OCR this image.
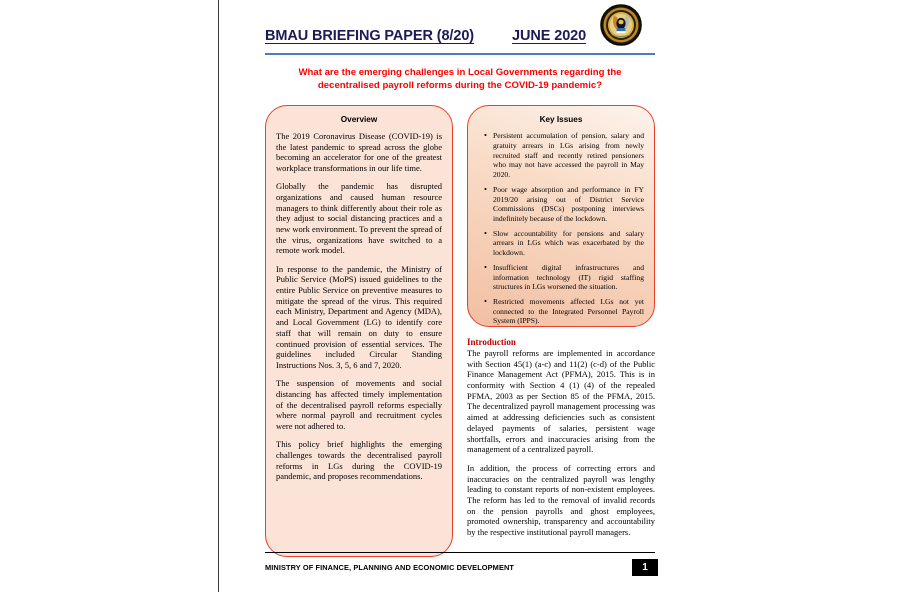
BMAU BRIEFING PAPER (8/20)	JUNE 2020
What are the emerging challenges in Local Governments regarding the decentralised payroll reforms during the COVID-19 pandemic?
Overview

The 2019 Coronavirus Disease (COVID-19) is the latest pandemic to spread across the globe becoming an accelerator for one of the greatest workplace transformations in our life time.

Globally the pandemic has disrupted organizations and caused human resource managers to think differently about their role as they adjust to social distancing practices and a new work environment. To prevent the spread of the virus, organizations have switched to a remote work model.

In response to the pandemic, the Ministry of Public Service (MoPS) issued guidelines to the entire Public Service on preventive measures to mitigate the spread of the virus. This required each Ministry, Department and Agency (MDA), and Local Government (LG) to identify core staff that will remain on duty to ensure continued provision of essential services. The guidelines included Circular Standing Instructions Nos. 3, 5, 6 and 7, 2020.

The suspension of movements and social distancing has affected timely implementation of the decentralised payroll reforms especially where normal payroll and recruitment cycles were not adhered to.

This policy brief highlights the emerging challenges towards the decentralised payroll reforms in LGs during the COVID-19 pandemic, and proposes recommendations.

Key Issues
• Persistent accumulation of pension, salary and gratuity arrears in LGs arising from newly recruited staff and recently retired pensioners who may not have accessed the payroll in May 2020.
• Poor wage absorption and performance in FY 2019/20 arising out of District Service Commissions (DSCs) postponing interviews indefinitely because of the lockdown.
• Slow accountability for pensions and salary arrears in LGs which was exacerbated by the lockdown.
• Insufficient digital infrastructures and information technology (IT) rigid staffing structures in LGs worsened the situation.
• Restricted movements affected LGs not yet connected to the Integrated Personnel Payroll System (IPPS).
Introduction

The payroll reforms are implemented in accordance with Section 45(1) (a-c) and 11(2) (c-d) of the Public Finance Management Act (PFMA), 2015. This is in conformity with Section 4 (1) (4) of the repealed PFMA, 2003 as per Section 85 of the PFMA, 2015. The decentralized payroll management processing was aimed at addressing deficiencies such as consistent delayed payments of salaries, persistent wage shortfalls, errors and inaccuracies arising from the management of a centralized payroll.

In addition, the process of correcting errors and inaccuracies on the centralized payroll was lengthy leading to constant reports of non-existent employees. The reform has led to the removal of invalid records on the pension payrolls and ghost employees, promoted ownership, transparency and accountability by the respective institutional payroll managers.

MINISTRY OF FINANCE, PLANNING AND ECONOMIC DEVELOPMENT	1
